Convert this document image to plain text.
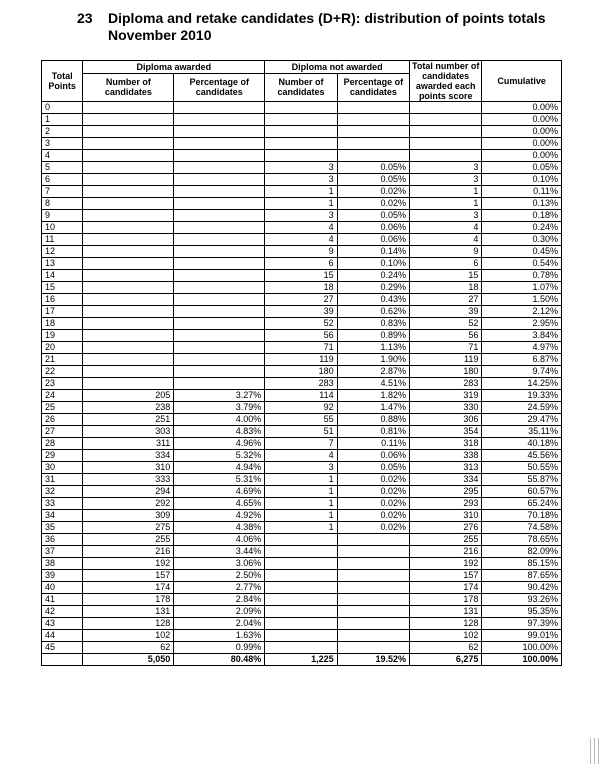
23 Diploma and retake candidates (D+R): distribution of points totals November 2010
Total Points	Diploma awarded		Diploma not awarded		Total number of candidates awarded each points score	Cumulative
	Number of candidates	Percentage of candidates	Number of candidates	Percentage of candidates		
0						0.00%
1						0.00%
2						0.00%
3						0.00%
4						0.00%
5			3	0.05%	3	0.05%
6			3	0.05%	3	0.10%
7			1	0.02%	1	0.11%
8			1	0.02%	1	0.13%
9			3	0.05%	3	0.18%
10			4	0.06%	4	0.24%
11			4	0.06%	4	0.30%
12			9	0.14%	9	0.45%
13			6	0.10%	6	0.54%
14			15	0.24%	15	0.78%
15			18	0.29%	18	1.07%
16			27	0.43%	27	1.50%
17			39	0.62%	39	2.12%
18			52	0.83%	52	2.95%
19			56	0.89%	56	3.84%
20			71	1.13%	71	4.97%
21			119	1.90%	119	6.87%
22			180	2.87%	180	9.74%
23			283	4.51%	283	14.25%
24	205	3.27%	114	1.82%	319	19.33%
25	238	3.79%	92	1.47%	330	24.59%
26	251	4.00%	55	0.88%	306	29.47%
27	303	4.83%	51	0.81%	354	35.11%
28	311	4.96%	7	0.11%	318	40.18%
29	334	5.32%	4	0.06%	338	45.56%
30	310	4.94%	3	0.05%	313	50.55%
31	333	5.31%	1	0.02%	334	55.87%
32	294	4.69%	1	0.02%	295	60.57%
33	292	4.65%	1	0.02%	293	65.24%
34	309	4.92%	1	0.02%	310	70.18%
35	275	4.38%	1	0.02%	276	74.58%
36	255	4.06%			255	78.65%
37	216	3.44%			216	82.09%
38	192	3.06%			192	85.15%
39	157	2.50%			157	87.65%
40	174	2.77%			174	90.42%
41	178	2.84%			178	93.26%
42	131	2.09%			131	95.35%
43	128	2.04%			128	97.39%
44	102	1.63%			102	99.01%
45	62	0.99%			62	100.00%
	5,050	80.48%	1,225	19.52%	6,275	100.00%
